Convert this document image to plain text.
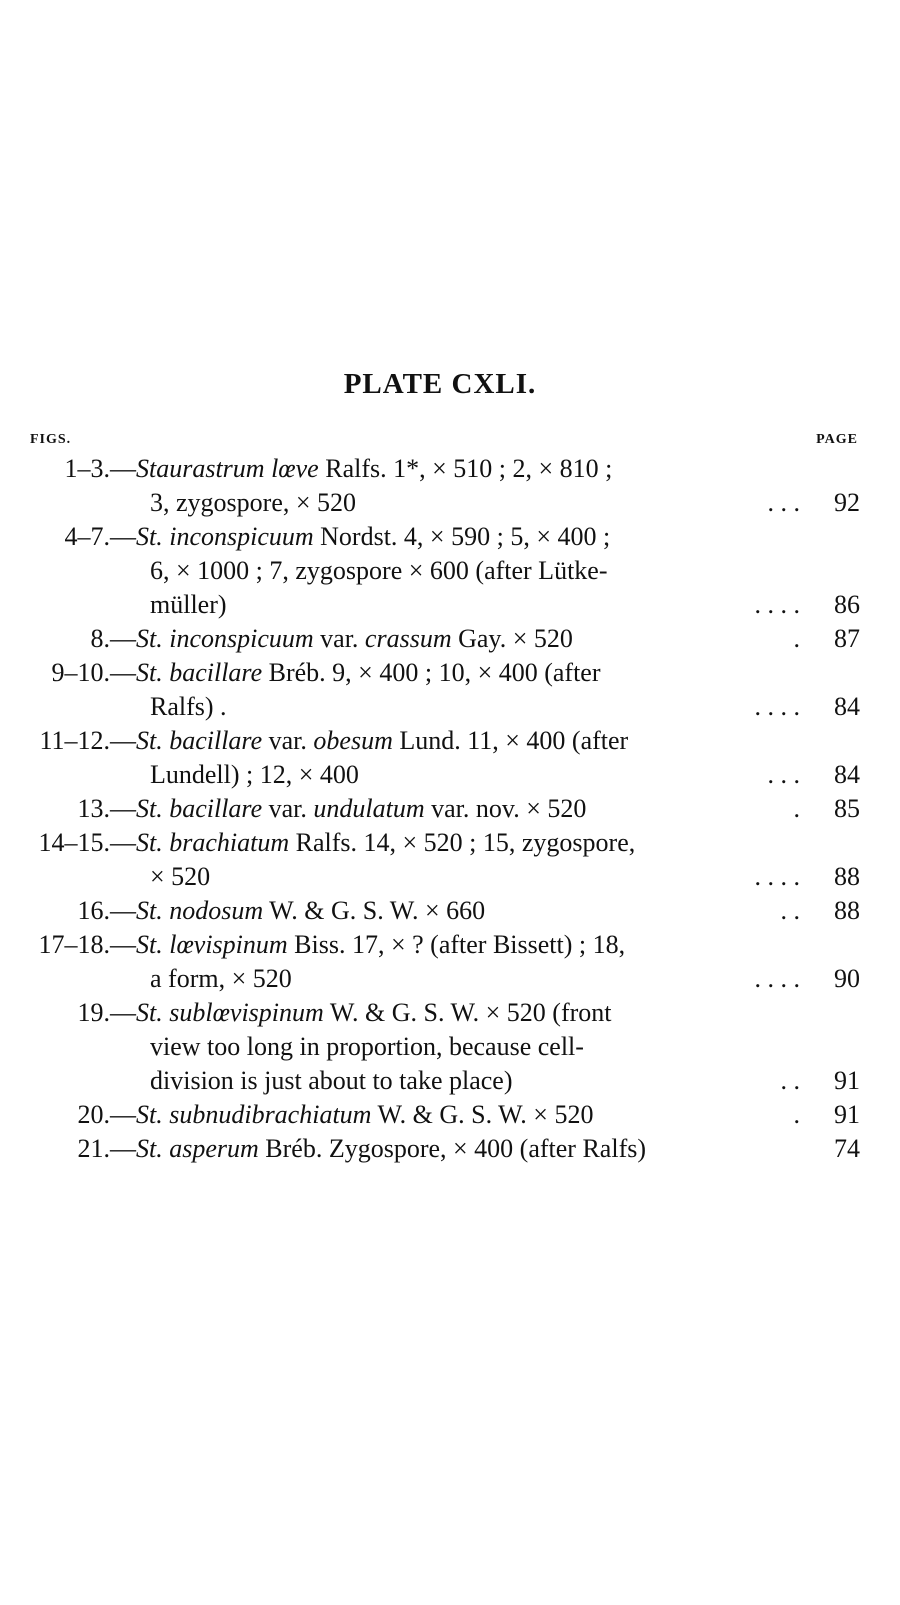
PLATE CXLI.
FIGS.	PAGE
1–3.— Staurastrum lœve Ralfs. 1*, × 510 ; 2, × 810 ;
3, zygospore, × 520	. . . 92
4–7.— St. inconspicuum Nordst. 4, × 590 ; 5, × 400 ;
6, × 1000 ; 7, zygospore × 600 (after Lütke-
müller)	. . . . 86
8.— St. inconspicuum var. crassum Gay. × 520	. 87
9–10.— St. bacillare Bréb. 9, × 400 ; 10, × 400 (after
Ralfs) .	. . . . 84
11–12.— St. bacillare var. obesum Lund. 11, × 400 (after
Lundell) ; 12, × 400	. . . 84
13.— St. bacillare var. undulatum var. nov. × 520	. 85
14–15.— St. brachiatum Ralfs. 14, × 520 ; 15, zygospore,
× 520	. . . . 88
16.— St. nodosum W. & G. S. W. × 660	. . 88
17–18.— St. lœvispinum Biss. 17, × ? (after Bissett) ; 18,
a form, × 520	. . . . 90
19.— St. sublœvispinum W. & G. S. W. × 520 (front
view too long in proportion, because cell-
division is just about to take place)	. . 91
20.— St. subnudibrachiatum W. & G. S. W. × 520	. 91
21.— St. asperum Bréb. Zygospore, × 400 (after Ralfs)	74
